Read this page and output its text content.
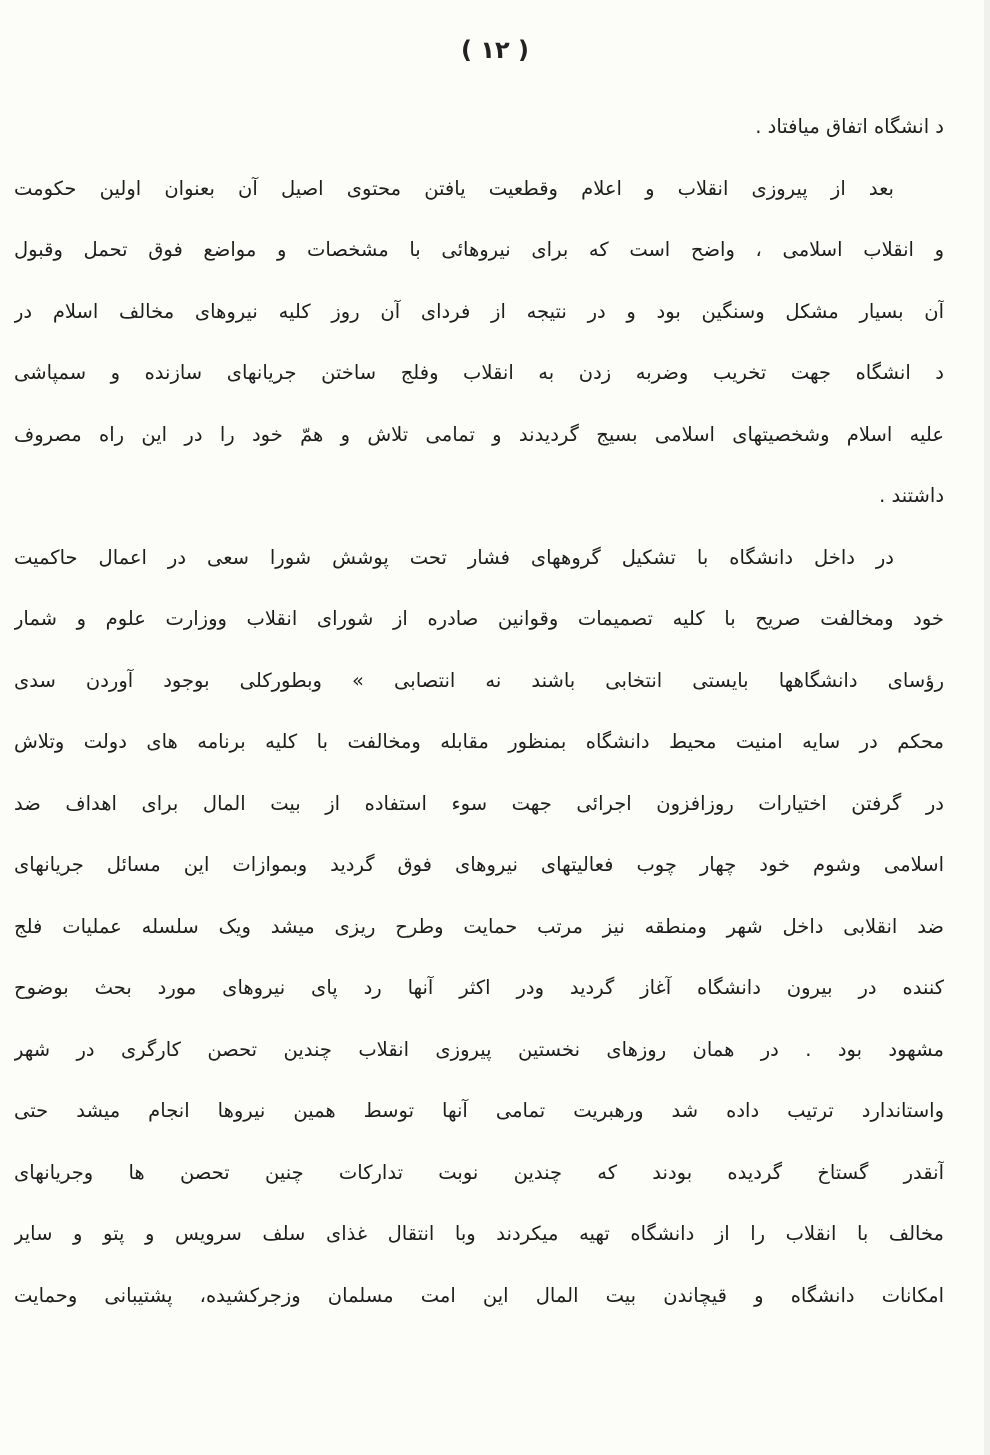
( ۱۲ )
د انشگاه اتفاق میافتاد .
بعد از پیروزی انقلاب و اعلام وقطعیت یافتن محتوی اصیل آن بعنوان اولین حکومت
و انقلاب اسلامی ، واضح است که برای نیروهائی با مشخصات و مواضع فوق تحمل وقبول
آن بسیار مشکل وسنگین بود و در نتیجه از فردای آن روز کلیه نیروهای مخالف اسلام در
د انشگاه جهت تخریب وضربه زدن به انقلاب وفلج ساختن جریانهای سازنده و سمپاشی
علیه اسلام وشخصیتهای اسلامی بسیج گردیدند و تمامی تلاش و همّ خود را در این راه مصروف
داشتند .
در داخل دانشگاه با تشکیل گروههای فشار تحت پوشش شورا سعی در اعمال حاکمیت
خود ومخالفت صریح با کلیه تصمیمات وقوانین صادره از شورای انقلاب ووزارت علوم و شمار
رؤسای دانشگاهها بایستی انتخابی باشند نه انتصابی » وبطورکلی بوجود آوردن سدی
محکم در سایه امنیت محیط دانشگاه بمنظور مقابله ومخالفت با کلیه برنامه های دولت وتلاش
در گرفتن اختیارات روزافزون اجرائی جهت سوء استفاده از بیت المال برای اهداف ضد
اسلامی وشوم خود چهار چوب فعالیتهای نیروهای فوق گردید وبموازات این مسائل جریانهای
ضد انقلابی داخل شهر ومنطقه نیز مرتب حمایت وطرح ریزی میشد ویک سلسله عملیات فلج
کننده در بیرون دانشگاه آغاز گردید ودر اکثر آنها رد پای نیروهای مورد بحث بوضوح
مشهود بود . در همان روزهای نخستین پیروزی انقلاب چندین تحصن کارگری در شهر
واستاندارد ترتیب داده شد ورهبریت تمامی آنها توسط همین نیروها انجام میشد حتی
آنقدر گستاخ گردیده بودند که چندین نوبت تدارکات چنین تحصن ها وجریانهای
مخالف با انقلاب را از دانشگاه تهیه میکردند وبا انتقال غذای سلف سرویس و پتو و سایر
امکانات دانشگاه و قیچاندن بیت المال این امت مسلمان وزجرکشیده، پشتیبانی وحمایت
